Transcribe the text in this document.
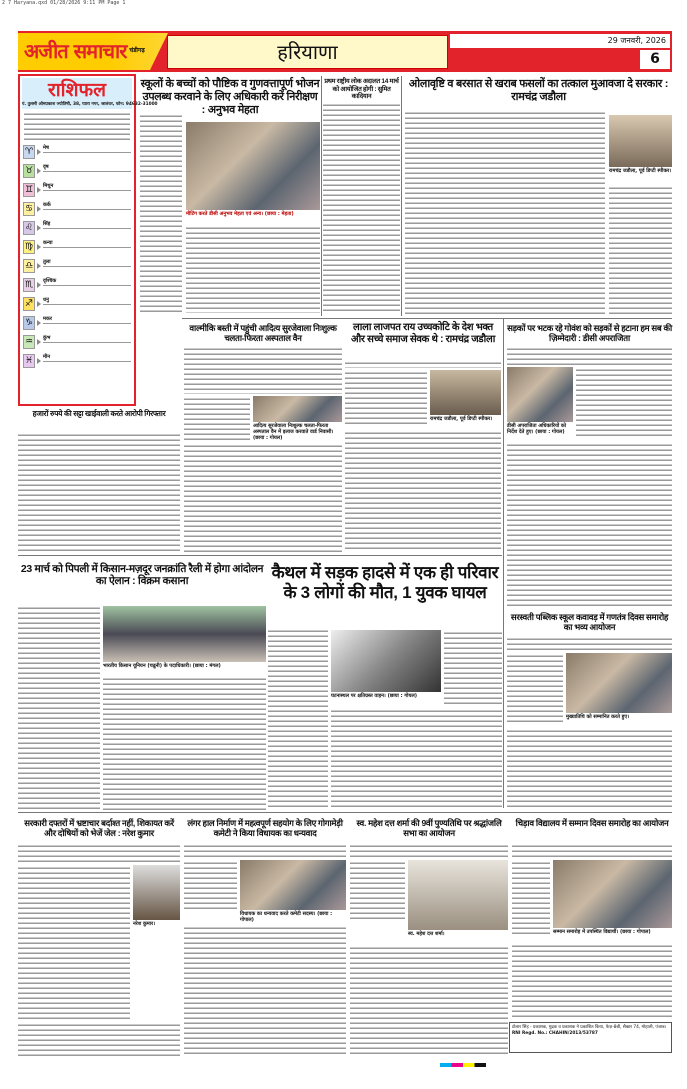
2 7 Haryana.qxd 01/28/2026 9:11 PM Page 1
अजीत समाचार चंडीगढ़	हरियाणा	29 जनवरी, 2026
6
राशिफल
पं. तुलसी ओमप्रकाश ज्योतिषी, 38, प्यारा नगर, जालंधर, फोन: 94632-31000
♈	मेष
♉	वृष
♊	मिथुन
♋	कर्क
♌	सिंह
♍	कन्या
♎	तुला
♏	वृश्चिक
♐	धनु
♑	मकर
♒	कुंभ
♓	मीन
स्कूलों के बच्चों को पौष्टिक व गुणवत्तापूर्ण भोजन उपलब्ध करवाने के लिए अधिकारी करें निरीक्षण : अनुभव मेहता
मीटिंग करते डीसी अनुभव मेहता एवं अन्य। (छाया : मेहता)
प्रथम राष्ट्रीय लोक अदालत 14 मार्च को आयोजित होगी : सुमित कादियान
ओलावृष्टि व बरसात से खराब फसलों का तत्काल मुआवजा दे सरकार : रामचंद्र जडौला
रामचंद्र जडौला, पूर्व डिप्टी स्पीकर।
हजारों रुपये की सट्टा खाईवाली करते आरोपी गिरफ्तार
वाल्मीकि बस्ती में पहुंची आदित्य सुरजेवाला निःशुल्क चलता-फिरता अस्पताल वैन
आदित्य सुरजेवाला निःशुल्क चलता-फिरता अस्पताल वैन में इलाज करवाते वार्ड निवासी। (छाया : गोयल)
लाला लाजपत राय उच्चकोटि के देश भक्त और सच्चे समाज सेवक थे : रामचंद्र जडौला
रामचंद्र जडौला, पूर्व डिप्टी स्पीकर।
सड़कों पर भटक रहे गोवंश को सड़कों से हटाना हम सब की ज़िम्मेदारी : डीसी अपराजिता
डीसी अपराजिता अधिकारियों को निर्देश देते हुए। (छाया : गोयल)
23 मार्च को पिपली में किसान-मज़दूर जनक्रांति रैली में होगा आंदोलन का ऐलान : विक्रम कसाना
भारतीय किसान यूनियन (चढूनी) के पदाधिकारी। (छाया : मंगल)
कैथल में सड़क हादसे में एक ही परिवार के 3 लोगों की मौत, 1 युवक घायल
घटनास्थल पर क्षतिग्रस्त वाहन। (छाया : गोयल)
सरस्वती पब्लिक स्कूल कवावड़ में गणतंत्र दिवस समारोह का भव्य आयोजन
मुख्यातिथि को सम्मानित करते हुए।
सरकारी दफ्तरों में भ्रष्टाचार बर्दाश्त नहीं, शिकायत करें और दोषियों को भेजें जेल : नरेश कुमार
नरेश कुमार।
लंगर हाल निर्माण में महत्वपूर्ण सहयोग के लिए गोगामेड़ी कमेटी ने किया विधायक का धन्यवाद
विधायक का धन्यवाद करते कमेटी सदस्य। (छाया : गोपाल)
स्व. महेश दत्त शर्मा की 9वीं पुण्यतिथि पर श्रद्धांजलि सभा का आयोजन
स्व. महेश दत्त शर्मा।
चिड़ाव विद्यालय में सम्मान दिवस समारोह का आयोजन
सम्मान समारोह में उपस्थित विद्यार्थी। (छाया : गोपाल)
टोलार सिंह - प्रकाशक, मुद्रक व प्रकाशक ने प्रकाशित किया, फेज़-8बी, सैक्टर 74, मोहाली, पंजाब। RNI Regd. No.: CHAHIN/2013/53787
